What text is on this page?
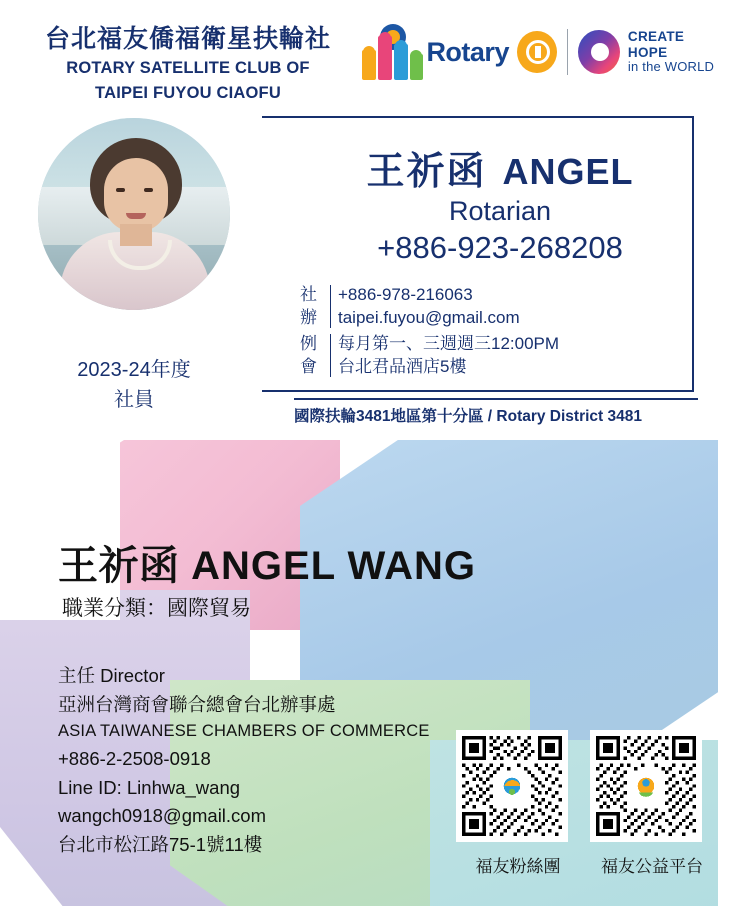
台北福友僑福衛星扶輪社
ROTARY SATELLITE CLUB OF
TAIPEI FUYOU CIAOFU
Rotary	CREATE HOPE
in the WORLD
2023-24年度
社員
王祈函 ANGEL
Rotarian
+886-923-268208
社
辦
+886-978-216063
taipei.fuyou@gmail.com
例
會
每月第一、三週週三12:00PM
台北君品酒店5樓
國際扶輪3481地區第十分區 / Rotary District 3481
王祈函 ANGEL WANG
職業分類：國際貿易
主任 Director
亞洲台灣商會聯合總會台北辦事處
ASIA TAIWANESE CHAMBERS OF COMMERCE
+886-2-2508-0918
Line ID: Linhwa_wang
wangch0918@gmail.com
台北市松江路75-1號11樓
福友粉絲團	福友公益平台
